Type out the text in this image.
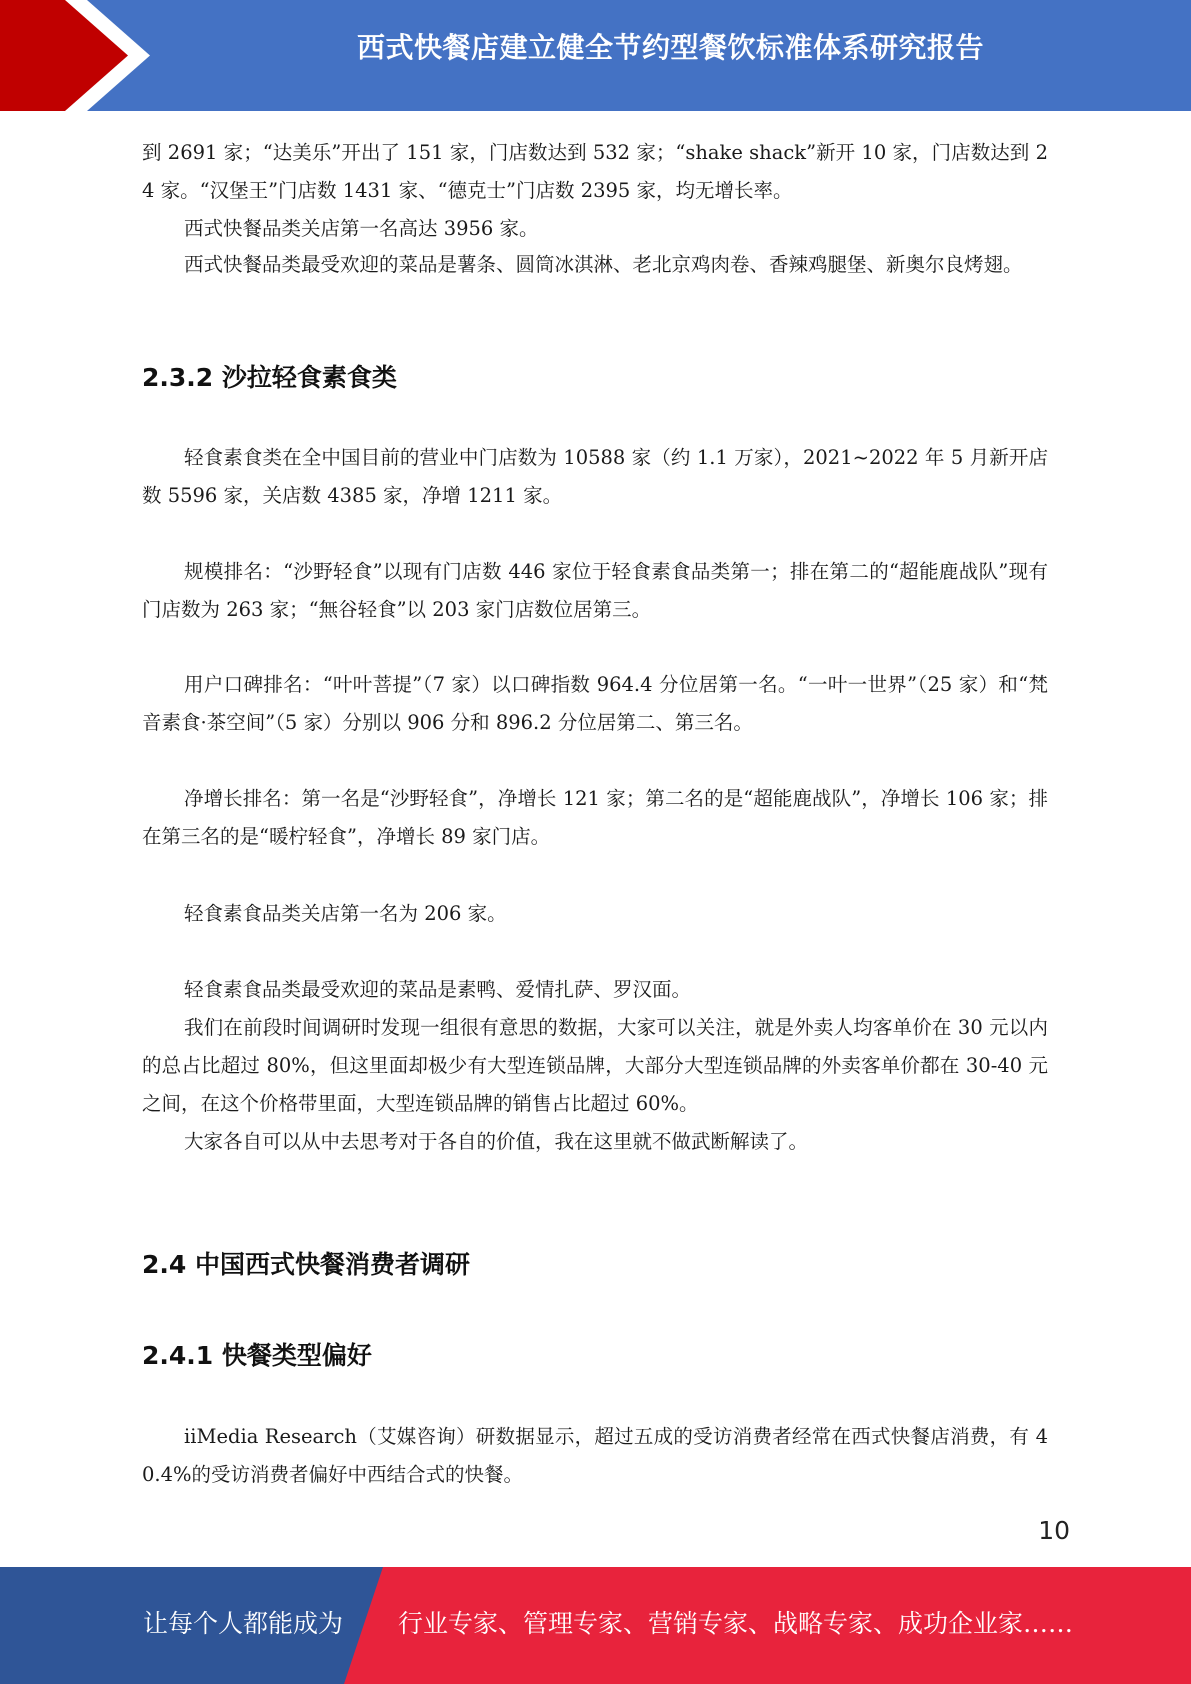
西式快餐店建立健全节约型餐饮标准体系研究报告

到 2691 家；“达美乐”开出了 151 家，门店数达到 532 家；“shake shack”新开 10 家，门店数达到 24 家。“汉堡王”门店数 1431 家、“德克士”门店数 2395 家，均无增长率。

西式快餐品类关店第一名高达 3956 家。

西式快餐品类最受欢迎的菜品是薯条、圆筒冰淇淋、老北京鸡肉卷、香辣鸡腿堡、新奥尔良烤翅。

2.3.2 沙拉轻食素食类

轻食素食类在全中国目前的营业中门店数为 10588 家（约 1.1 万家），2021~2022 年 5 月新开店数 5596 家，关店数 4385 家，净增 1211 家。

规模排名：“沙野轻食”以现有门店数 446 家位于轻食素食品类第一；排在第二的“超能鹿战队”现有门店数为 263 家；“無谷轻食”以 203 家门店数位居第三。

用户口碑排名：“叶叶菩提”（7 家）以口碑指数 964.4 分位居第一名。“一叶一世界”（25 家）和“梵音素食·茶空间”（5 家）分别以 906 分和 896.2 分位居第二、第三名。

净增长排名：第一名是“沙野轻食”，净增长 121 家；第二名的是“超能鹿战队”，净增长 106 家；排在第三名的是“暖柠轻食”，净增长 89 家门店。

轻食素食品类关店第一名为 206 家。

轻食素食品类最受欢迎的菜品是素鸭、爱情扎萨、罗汉面。

我们在前段时间调研时发现一组很有意思的数据，大家可以关注，就是外卖人均客单价在 30 元以内的总占比超过 80%，但这里面却极少有大型连锁品牌，大部分大型连锁品牌的外卖客单价都在 30-40 元之间，在这个价格带里面，大型连锁品牌的销售占比超过 60%。

大家各自可以从中去思考对于各自的价值，我在这里就不做武断解读了。

2.4 中国西式快餐消费者调研
2.4.1 快餐类型偏好

iiMedia Research（艾媒咨询）研数据显示，超过五成的受访消费者经常在西式快餐店消费，有 40.4%的受访消费者偏好中西结合式的快餐。

10
让每个人都能成为 行业专家、管理专家、营销专家、战略专家、成功企业家……
